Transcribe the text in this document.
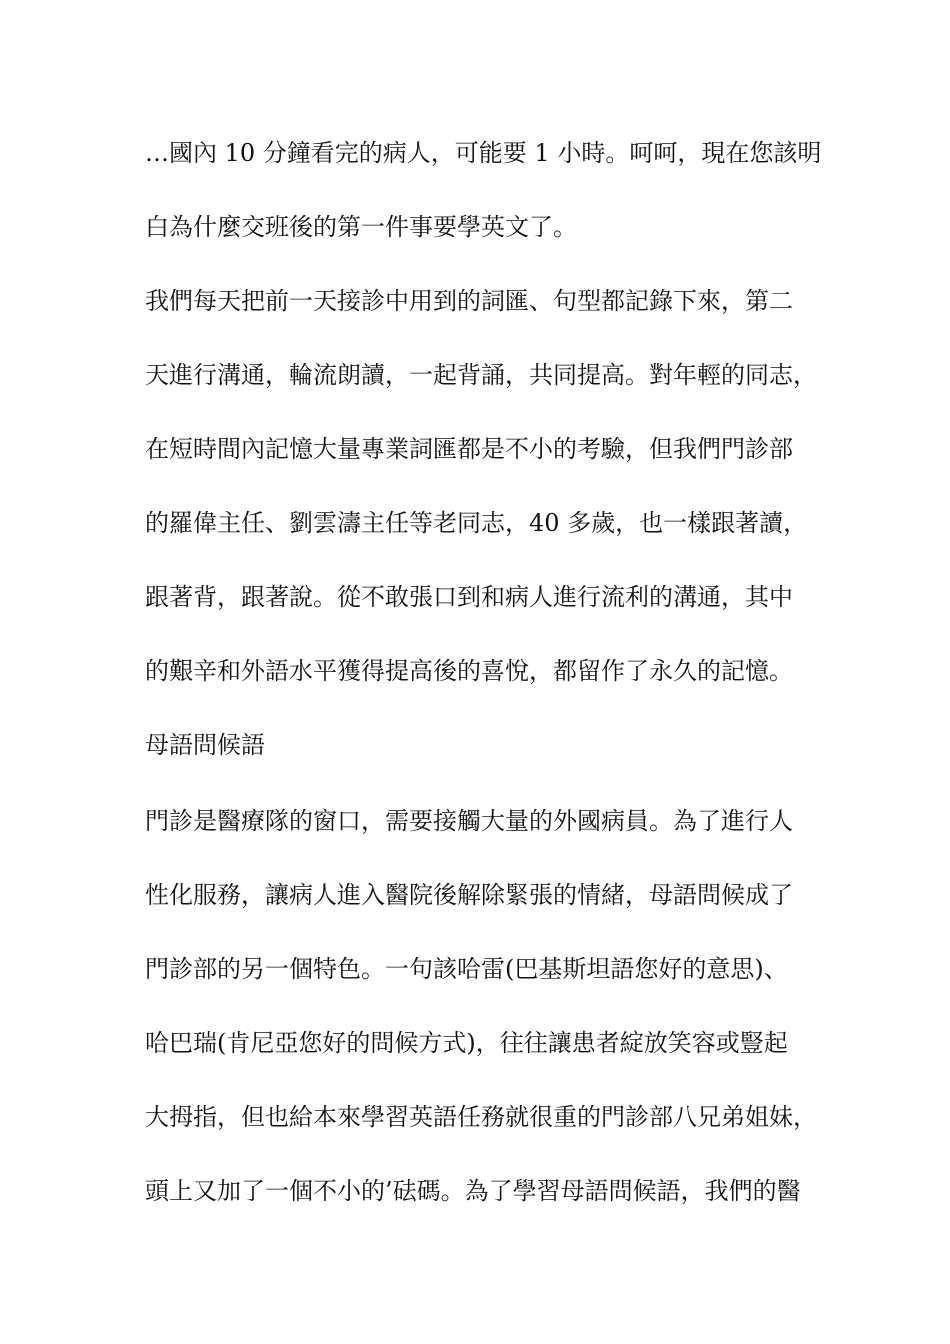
…國內 10 分鐘看完的病人，可能要 1 小時。呵呵，現在您該明
白為什麼交班後的第一件事要學英文了。
我們每天把前一天接診中用到的詞匯、句型都記錄下來，第二
天進行溝通，輪流朗讀，一起背誦，共同提高。對年輕的同志，
在短時間內記憶大量專業詞匯都是不小的考驗，但我們門診部
的羅偉主任、劉雲濤主任等老同志，40 多歲，也一樣跟著讀，
跟著背，跟著說。從不敢張口到和病人進行流利的溝通，其中
的艱辛和外語水平獲得提高後的喜悅，都留作了永久的記憶。
母語問候語
門診是醫療隊的窗口，需要接觸大量的外國病員。為了進行人
性化服務，讓病人進入醫院後解除緊張的情緒，母語問候成了
門診部的另一個特色。一句該哈雷(巴基斯坦語您好的意思)、
哈巴瑞(肯尼亞您好的問候方式)，往往讓患者綻放笑容或豎起
大拇指，但也給本來學習英語任務就很重的門診部八兄弟姐妹，
頭上又加了一個不小的’砝碼。為了學習母語問候語，我們的醫
